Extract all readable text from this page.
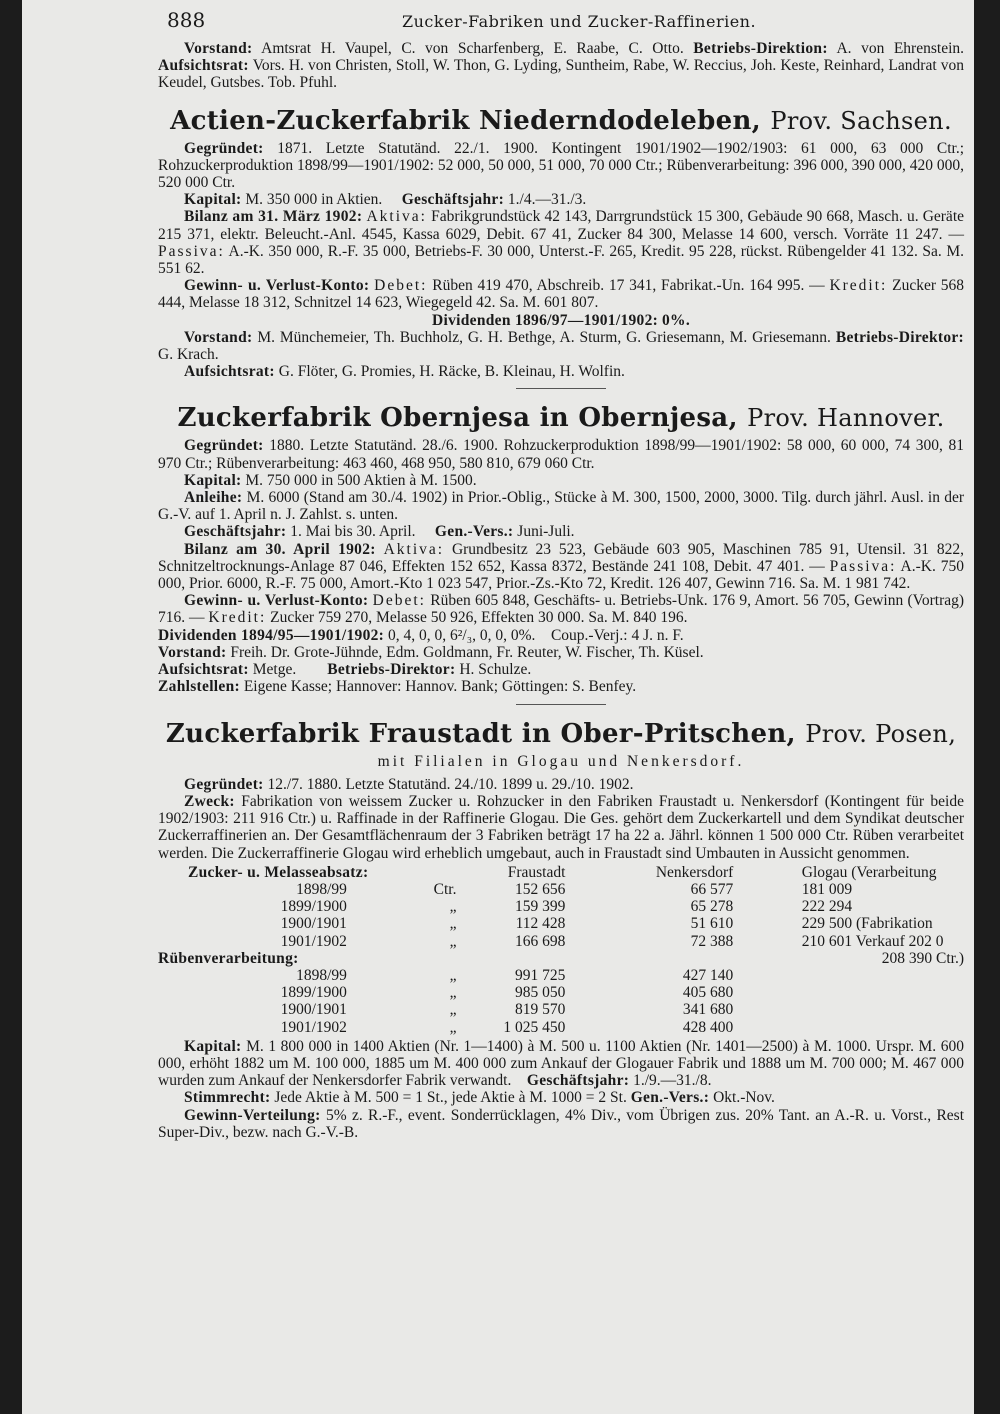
888	Zucker-Fabriken und Zucker-Raffinerien.

Vorstand: Amtsrat H. Vaupel, C. von Scharfenberg, E. Raabe, C. Otto. Betriebs-Direktion: A. von Ehrenstein. Aufsichtsrat: Vors. H. von Christen, Stoll, W. Thon, G. Lyding, Suntheim, Rabe, W. Reccius, Joh. Keste, Reinhard, Landrat von Keudel, Gutsbes. Tob. Pfuhl.

Actien-Zuckerfabrik Niederndodeleben, Prov. Sachsen.

Gegründet: 1871. Letzte Statutänd. 22./1. 1900. Kontingent 1901/1902—1902/1903: 61 000, 63 000 Ctr.; Rohzuckerproduktion 1898/99—1901/1902: 52 000, 50 000, 51 000, 70 000 Ctr.; Rübenverarbeitung: 396 000, 390 000, 420 000, 520 000 Ctr.

Kapital: M. 350 000 in Aktien. Geschäftsjahr: 1./4.—31./3.

Bilanz am 31. März 1902: Aktiva: Fabrikgrundstück 42 143, Darrgrundstück 15 300, Gebäude 90 668, Masch. u. Geräte 215 371, elektr. Beleucht.-Anl. 4545, Kassa 6029, Debit. 67 41, Zucker 84 300, Melasse 14 600, versch. Vorräte 11 247. — Passiva: A.-K. 350 000, R.-F. 35 000, Betriebs-F. 30 000, Unterst.-F. 265, Kredit. 95 228, rückst. Rübengelder 41 132. Sa. M. 551 62.

Gewinn- u. Verlust-Konto: Debet: Rüben 419 470, Abschreib. 17 341, Fabrikat.-Un. 164 995. — Kredit: Zucker 568 444, Melasse 18 312, Schnitzel 14 623, Wiegegeld 42. Sa. M. 601 807.

Dividenden 1896/97—1901/1902: 0%.

Vorstand: M. Münchemeier, Th. Buchholz, G. H. Bethge, A. Sturm, G. Griesemann, M. Griesemann. Betriebs-Direktor: G. Krach.

Aufsichtsrat: G. Flöter, G. Promies, H. Räcke, B. Kleinau, H. Wolfin.

Zuckerfabrik Obernjesa in Obernjesa, Prov. Hannover.

Gegründet: 1880. Letzte Statutänd. 28./6. 1900. Rohzuckerproduktion 1898/99—1901/1902: 58 000, 60 000, 74 300, 81 970 Ctr.; Rübenverarbeitung: 463 460, 468 950, 580 810, 679 060 Ctr.

Kapital: M. 750 000 in 500 Aktien à M. 1500.

Anleihe: M. 6000 (Stand am 30./4. 1902) in Prior.-Oblig., Stücke à M. 300, 1500, 2000, 3000. Tilg. durch jährl. Ausl. in der G.-V. auf 1. April n. J. Zahlst. s. unten.

Geschäftsjahr: 1. Mai bis 30. April. Gen.-Vers.: Juni-Juli.

Bilanz am 30. April 1902: Aktiva: Grundbesitz 23 523, Gebäude 603 905, Maschinen 785 91, Utensil. 31 822, Schnitzeltrocknungs-Anlage 87 046, Effekten 152 652, Kassa 8372, Bestände 241 108, Debit. 47 401. — Passiva: A.-K. 750 000, Prior. 6000, R.-F. 75 000, Amort.-Kto 1 023 547, Prior.-Zs.-Kto 72, Kredit. 126 407, Gewinn 716. Sa. M. 1 981 742.

Gewinn- u. Verlust-Konto: Debet: Rüben 605 848, Geschäfts- u. Betriebs-Unk. 176 9, Amort. 56 705, Gewinn (Vortrag) 716. — Kredit: Zucker 759 270, Melasse 50 926, Effekten 30 000. Sa. M. 840 196.

Dividenden 1894/95—1901/1902: 0, 4, 0, 0, 6²/₃, 0, 0, 0%. Coup.-Verj.: 4 J. n. F.

Vorstand: Freih. Dr. Grote-Jühnde, Edm. Goldmann, Fr. Reuter, W. Fischer, Th. Küsel.

Aufsichtsrat: Metge. Betriebs-Direktor: H. Schulze.

Zahlstellen: Eigene Kasse; Hannover: Hannov. Bank; Göttingen: S. Benfey.

Zuckerfabrik Fraustadt in Ober-Pritschen, Prov. Posen,

mit Filialen in Glogau und Nenkersdorf.

Gegründet: 12./7. 1880. Letzte Statutänd. 24./10. 1899 u. 29./10. 1902.

Zweck: Fabrikation von weissem Zucker u. Rohzucker in den Fabriken Fraustadt u. Nenkersdorf (Kontingent für beide 1902/1903: 211 916 Ctr.) u. Raffinade in der Raffinerie Glogau. Die Ges. gehört dem Zuckerkartell und dem Syndikat deutscher Zuckerraffinerien an. Der Gesamtflächenraum der 3 Fabriken beträgt 17 ha 22 a. Jährl. können 1 500 000 Ctr. Rüben verarbeitet werden. Die Zuckerraffinerie Glogau wird erheblich umgebaut, auch in Fraustadt sind Umbauten in Aussicht genommen.

Zucker- u. Melasseabsatz:		Fraustadt	Nenkersdorf		Glogau (Verarbeitung
1898/99	Ctr.	152 656	66 577		181 009
1899/1900	„	159 399	65 278		222 294
1900/1901	„	112 428	51 610		229 500 (Fabrikation
1901/1902	„	166 698	72 388		210 601 Verkauf 202 0
Rübenverarbeitung:					208 390 Ctr.)
1898/99	„	991 725	427 140		
1899/1900	„	985 050	405 680		
1900/1901	„	819 570	341 680		
1901/1902	„	1 025 450	428 400		

Kapital: M. 1 800 000 in 1400 Aktien (Nr. 1—1400) à M. 500 u. 1100 Aktien (Nr. 1401—2500) à M. 1000. Urspr. M. 600 000, erhöht 1882 um M. 100 000, 1885 um M. 400 000 zum Ankauf der Glogauer Fabrik und 1888 um M. 700 000; M. 467 000 wurden zum Ankauf der Nenkersdorfer Fabrik verwandt. Geschäftsjahr: 1./9.—31./8.

Stimmrecht: Jede Aktie à M. 500 = 1 St., jede Aktie à M. 1000 = 2 St. Gen.-Vers.: Okt.-Nov.

Gewinn-Verteilung: 5% z. R.-F., event. Sonderrücklagen, 4% Div., vom Übrigen zus. 20% Tant. an A.-R. u. Vorst., Rest Super-Div., bezw. nach G.-V.-B.
